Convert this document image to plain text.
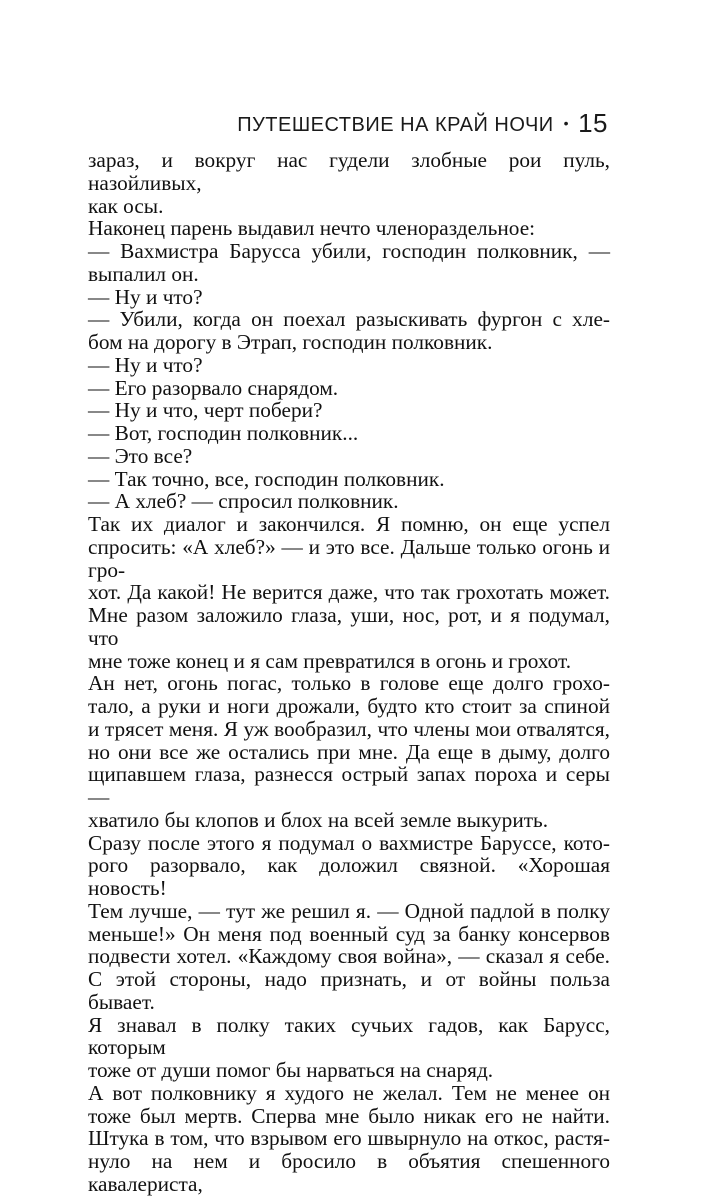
ПУТЕШЕСТВИЕ НА КРАЙ НОЧИ • 15
зараз, и вокруг нас гудели злобные рои пуль, назойливых,
как осы.
Наконец парень выдавил нечто членораздельное:
— Вахмистра Барусса убили, господин полковник, —
выпалил он.
— Ну и что?
— Убили, когда он поехал разыскивать фургон с хле-
бом на дорогу в Этрап, господин полковник.
— Ну и что?
— Его разорвало снарядом.
— Ну и что, черт побери?
— Вот, господин полковник...
— Это все?
— Так точно, все, господин полковник.
— А хлеб? — спросил полковник.
Так их диалог и закончился. Я помню, он еще успел
спросить: «А хлеб?» — и это все. Дальше только огонь и гро-
хот. Да какой! Не верится даже, что так грохотать может.
Мне разом заложило глаза, уши, нос, рот, и я подумал, что
мне тоже конец и я сам превратился в огонь и грохот.
Ан нет, огонь погас, только в голове еще долго грохо-
тало, а руки и ноги дрожали, будто кто стоит за спиной
и трясет меня. Я уж вообразил, что члены мои отвалятся,
но они все же остались при мне. Да еще в дыму, долго
щипавшем глаза, разнесся острый запах пороха и серы —
хватило бы клопов и блох на всей земле выкурить.
Сразу после этого я подумал о вахмистре Баруссе, кото-
рого разорвало, как доложил связной. «Хорошая новость!
Тем лучше, — тут же решил я. — Одной падлой в полку
меньше!» Он меня под военный суд за банку консервов
подвести хотел. «Каждому своя война», — сказал я себе.
С этой стороны, надо признать, и от войны польза бывает.
Я знавал в полку таких сучьих гадов, как Барусс, которым
тоже от души помог бы нарваться на снаряд.
А вот полковнику я худого не желал. Тем не менее он
тоже был мертв. Сперва мне было никак его не найти.
Штука в том, что взрывом его швырнуло на откос, растя-
нуло на нем и бросило в объятия спешенного кавалериста,
